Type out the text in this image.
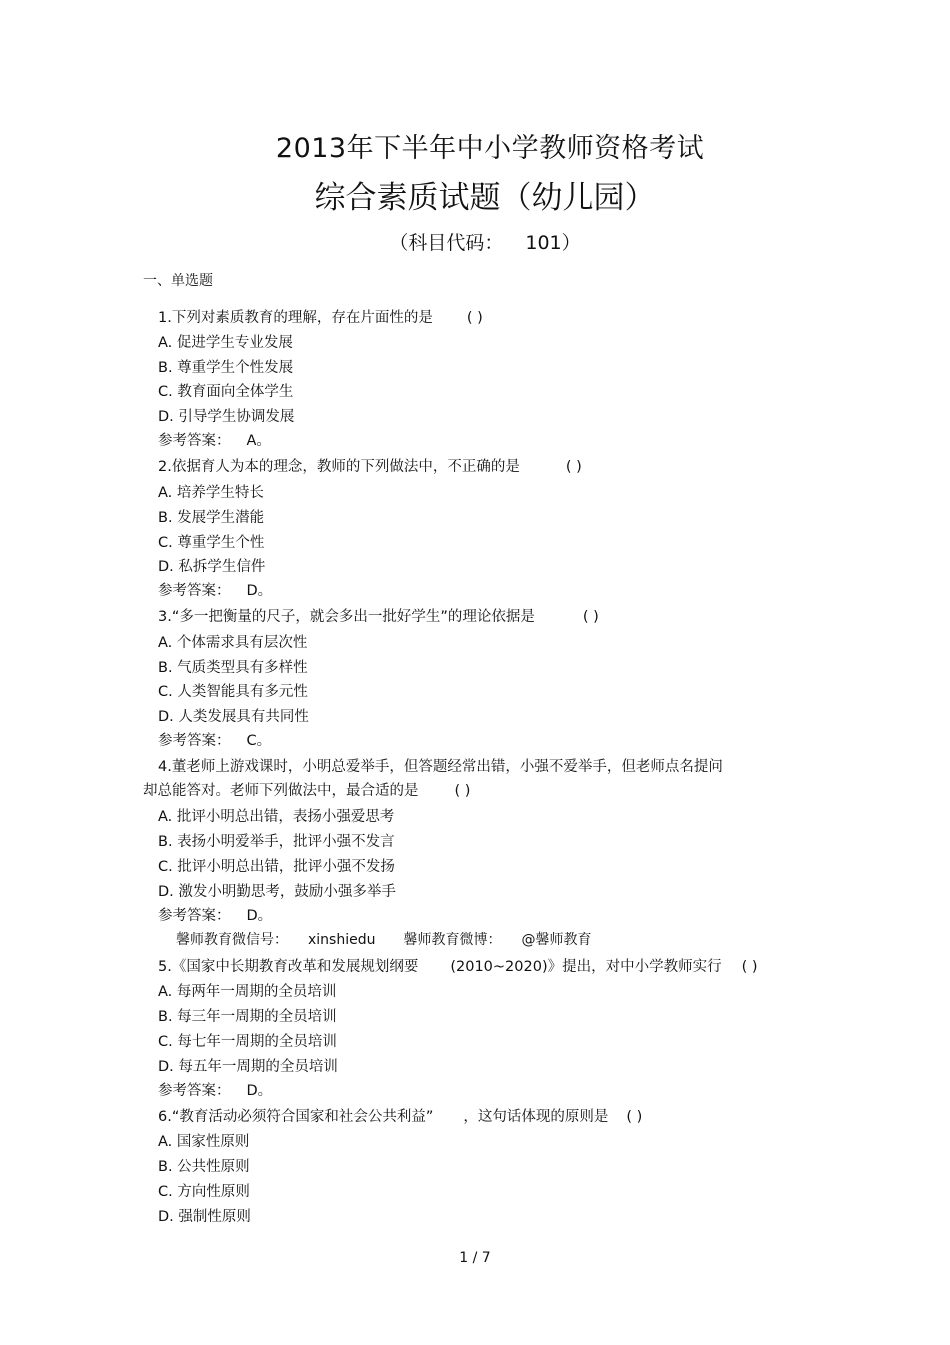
2013年下半年中小学教师资格考试
综合素质试题（幼儿园）
（科目代码： 101）
一、单选题
1.下列对素质教育的理解，存在片面性的是 ( )
A. 促进学生专业发展
B. 尊重学生个性发展
C. 教育面向全体学生
D. 引导学生协调发展
参考答案： A。
2.依据育人为本的理念，教师的下列做法中，不正确的是	( )
A. 培养学生特长
B. 发展学生潜能
C. 尊重学生个性
D. 私拆学生信件
参考答案： D。
3.“多一把衡量的尺子，就会多出一批好学生”的理论依据是	( )
A. 个体需求具有层次性
B. 气质类型具有多样性
C. 人类智能具有多元性
D. 人类发展具有共同性
参考答案： C。
4.董老师上游戏课时，小明总爱举手，但答题经常出错，小强不爱举手，但老师点名提问
却总能答对。老师下列做法中，最合适的是 ( )
A. 批评小明总出错，表扬小强爱思考
B. 表扬小明爱举手，批评小强不发言
C. 批评小明总出错，批评小强不发扬
D. 激发小明勤思考，鼓励小强多举手
参考答案： D。
馨师教育微信号： xinshiedu 馨师教育微博： @馨师教育
5.《国家中长期教育改革和发展规划纲要 (2010~2020)》提出，对中小学教师实行 ( )
A. 每两年一周期的全员培训
B. 每三年一周期的全员培训
C. 每七年一周期的全员培训
D. 每五年一周期的全员培训
参考答案： D。
6.“教育活动必须符合国家和社会公共利益” ，这句话体现的原则是 ( )
A. 国家性原则
B. 公共性原则
C. 方向性原则
D. 强制性原则
1 / 7
